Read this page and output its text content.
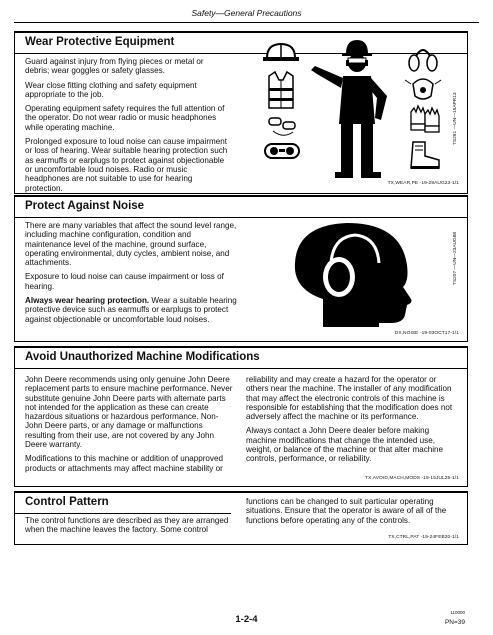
Safety—General Precautions
Wear Protective Equipment

Guard against injury from flying pieces or metal or debris; wear goggles or safety glasses.

Wear close fitting clothing and safety equipment appropriate to the job.

Operating equipment safety requires the full attention of the operator. Do not wear radio or music headphones while operating machine.

Prolonged exposure to loud noise can cause impairment or loss of hearing. Wear suitable hearing protection such as earmuffs or earplugs to protect against objectionable or uncomfortable loud noises. Radio or music headphones are not suitable to use for hearing protection.

TS291 —UN—15APR13
TX,WEAR,PE -19-28AUG23-1/1
Protect Against Noise

There are many variables that affect the sound level range, including machine configuration, condition and maintenance level of the machine, ground surface, operating environmental, duty cycles, ambient noise, and attachments.

Exposure to loud noise can cause impairment or loss of hearing.

Always wear hearing protection. Wear a suitable hearing protective device such as earmuffs or earplugs to protect against objectionable or uncomfortable loud noises.

TS207 —UN—23AUG88
DX,NOISE -19-03OCT17-1/1
Avoid Unauthorized Machine Modifications

John Deere recommends using only genuine John Deere replacement parts to ensure machine performance. Never substitute genuine John Deere parts with alternate parts not intended for the application as these can create hazardous situations or hazardous performance. Non-John Deere parts, or any damage or malfunctions resulting from their use, are not covered by any John Deere warranty.

Modifications to this machine or addition of unapproved products or attachments may affect machine stability or

reliability and may create a hazard for the operator or others near the machine. The installer of any modification that may affect the electronic controls of this machine is responsible for establishing that the modification does not adversely affect the machine or its performance.

Always contact a John Deere dealer before making machine modifications that change the intended use, weight, or balance of the machine or that alter machine controls, performance, or reliability.

TX,AVOID,MACH,MODS -19-15JUL25-1/1
Control Pattern

The control functions are described as they are arranged when the machine leaves the factory. Some control

functions can be changed to suit particular operating situations. Ensure that the operator is aware of all of the functions before operating any of the controls.

TX,CTRL,PAT -19-24FEB20-1/1
1-2-4
110000
PN=39
